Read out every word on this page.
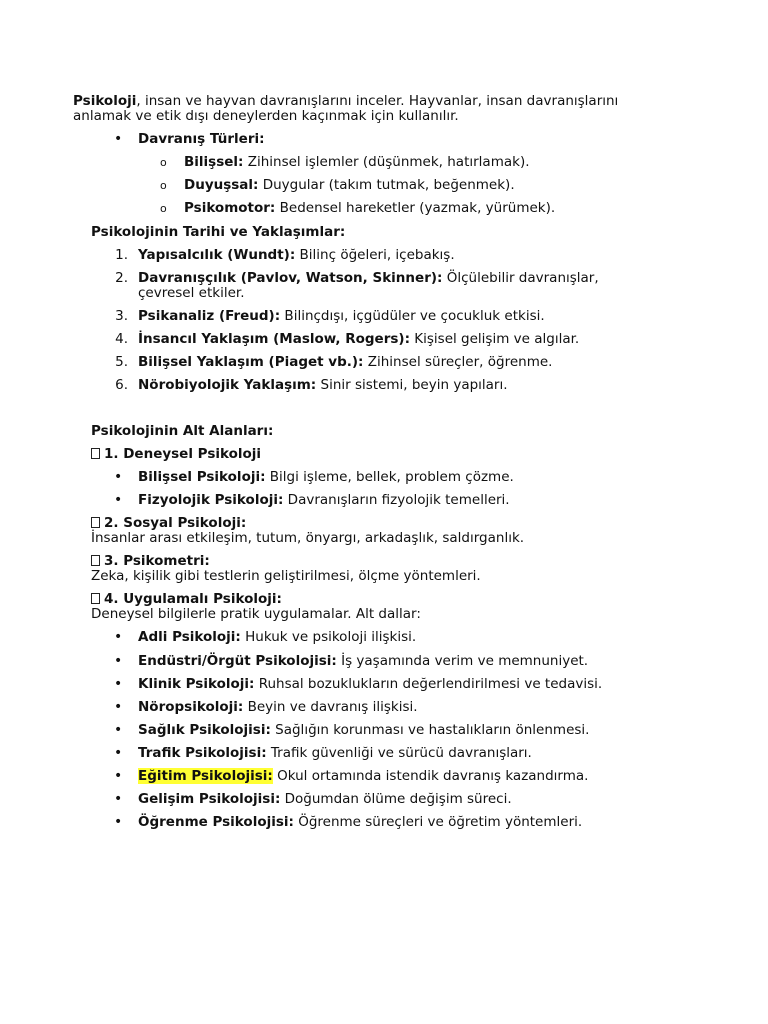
Psikoloji, insan ve hayvan davranışlarını inceler. Hayvanlar, insan davranışlarını
anlamak ve etik dışı deneylerden kaçınmak için kullanılır.
• Davranış Türleri:
o Bilişsel: Zihinsel işlemler (düşünmek, hatırlamak).
o Duyuşsal: Duygular (takım tutmak, beğenmek).
o Psikomotor: Bedensel hareketler (yazmak, yürümek).
Psikolojinin Tarihi ve Yaklaşımlar:
1. Yapısalcılık (Wundt): Bilinç öğeleri, içebakış.
2. Davranışçılık (Pavlov, Watson, Skinner): Ölçülebilir davranışlar,
çevresel etkiler.
3. Psikanaliz (Freud): Bilinçdışı, içgüdüler ve çocukluk etkisi.
4. İnsancıl Yaklaşım (Maslow, Rogers): Kişisel gelişim ve algılar.
5. Bilişsel Yaklaşım (Piaget vb.): Zihinsel süreçler, öğrenme.
6. Nörobiyolojik Yaklaşım: Sinir sistemi, beyin yapıları.
Psikolojinin Alt Alanları:
1. Deneysel Psikoloji
• Bilişsel Psikoloji: Bilgi işleme, bellek, problem çözme.
• Fizyolojik Psikoloji: Davranışların fizyolojik temelleri.
2. Sosyal Psikoloji:
İnsanlar arası etkileşim, tutum, önyargı, arkadaşlık, saldırganlık.
3. Psikometri:
Zeka, kişilik gibi testlerin geliştirilmesi, ölçme yöntemleri.
4. Uygulamalı Psikoloji:
Deneysel bilgilerle pratik uygulamalar. Alt dallar:
• Adli Psikoloji: Hukuk ve psikoloji ilişkisi.
• Endüstri/Örgüt Psikolojisi: İş yaşamında verim ve memnuniyet.
• Klinik Psikoloji: Ruhsal bozuklukların değerlendirilmesi ve tedavisi.
• Nöropsikoloji: Beyin ve davranış ilişkisi.
• Sağlık Psikolojisi: Sağlığın korunması ve hastalıkların önlenmesi.
• Trafik Psikolojisi: Trafik güvenliği ve sürücü davranışları.
• Eğitim Psikolojisi: Okul ortamında istendik davranış kazandırma.
• Gelişim Psikolojisi: Doğumdan ölüme değişim süreci.
• Öğrenme Psikolojisi: Öğrenme süreçleri ve öğretim yöntemleri.
